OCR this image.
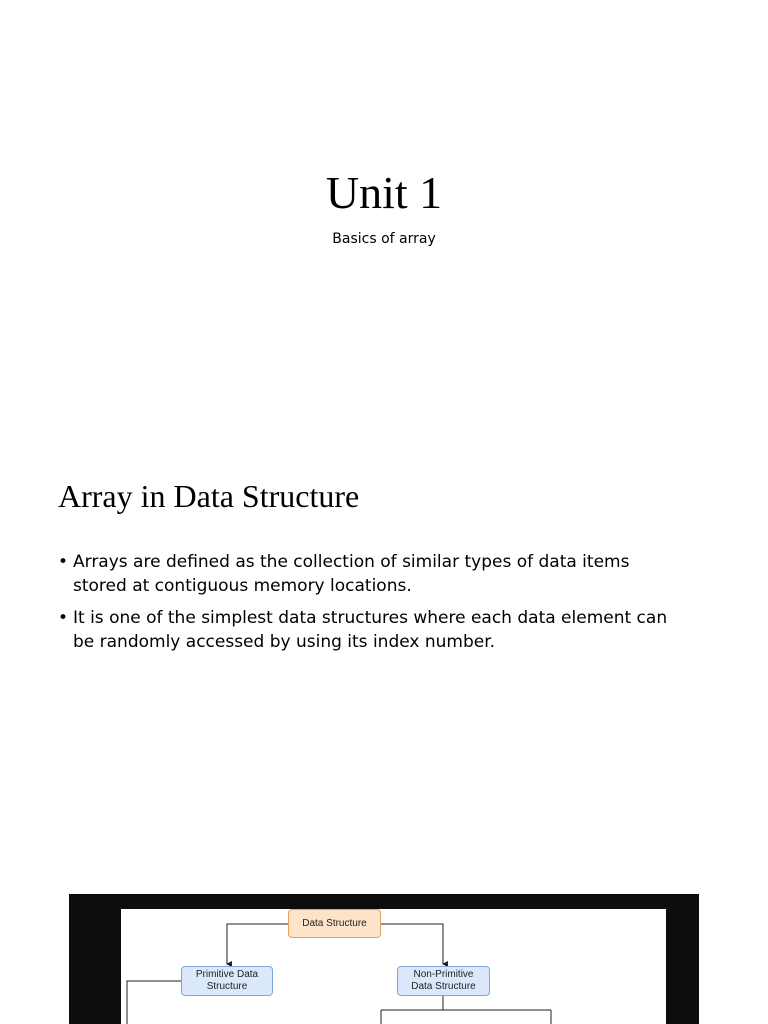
Unit 1
Basics of array
Array in Data Structure
• Arrays are defined as the collection of similar types of data items
stored at contiguous memory locations.
• It is one of the simplest data structures where each data element can
be randomly accessed by using its index number.
Data Structure
Primitive Data
Structure
Non-Primitive
Data Structure
